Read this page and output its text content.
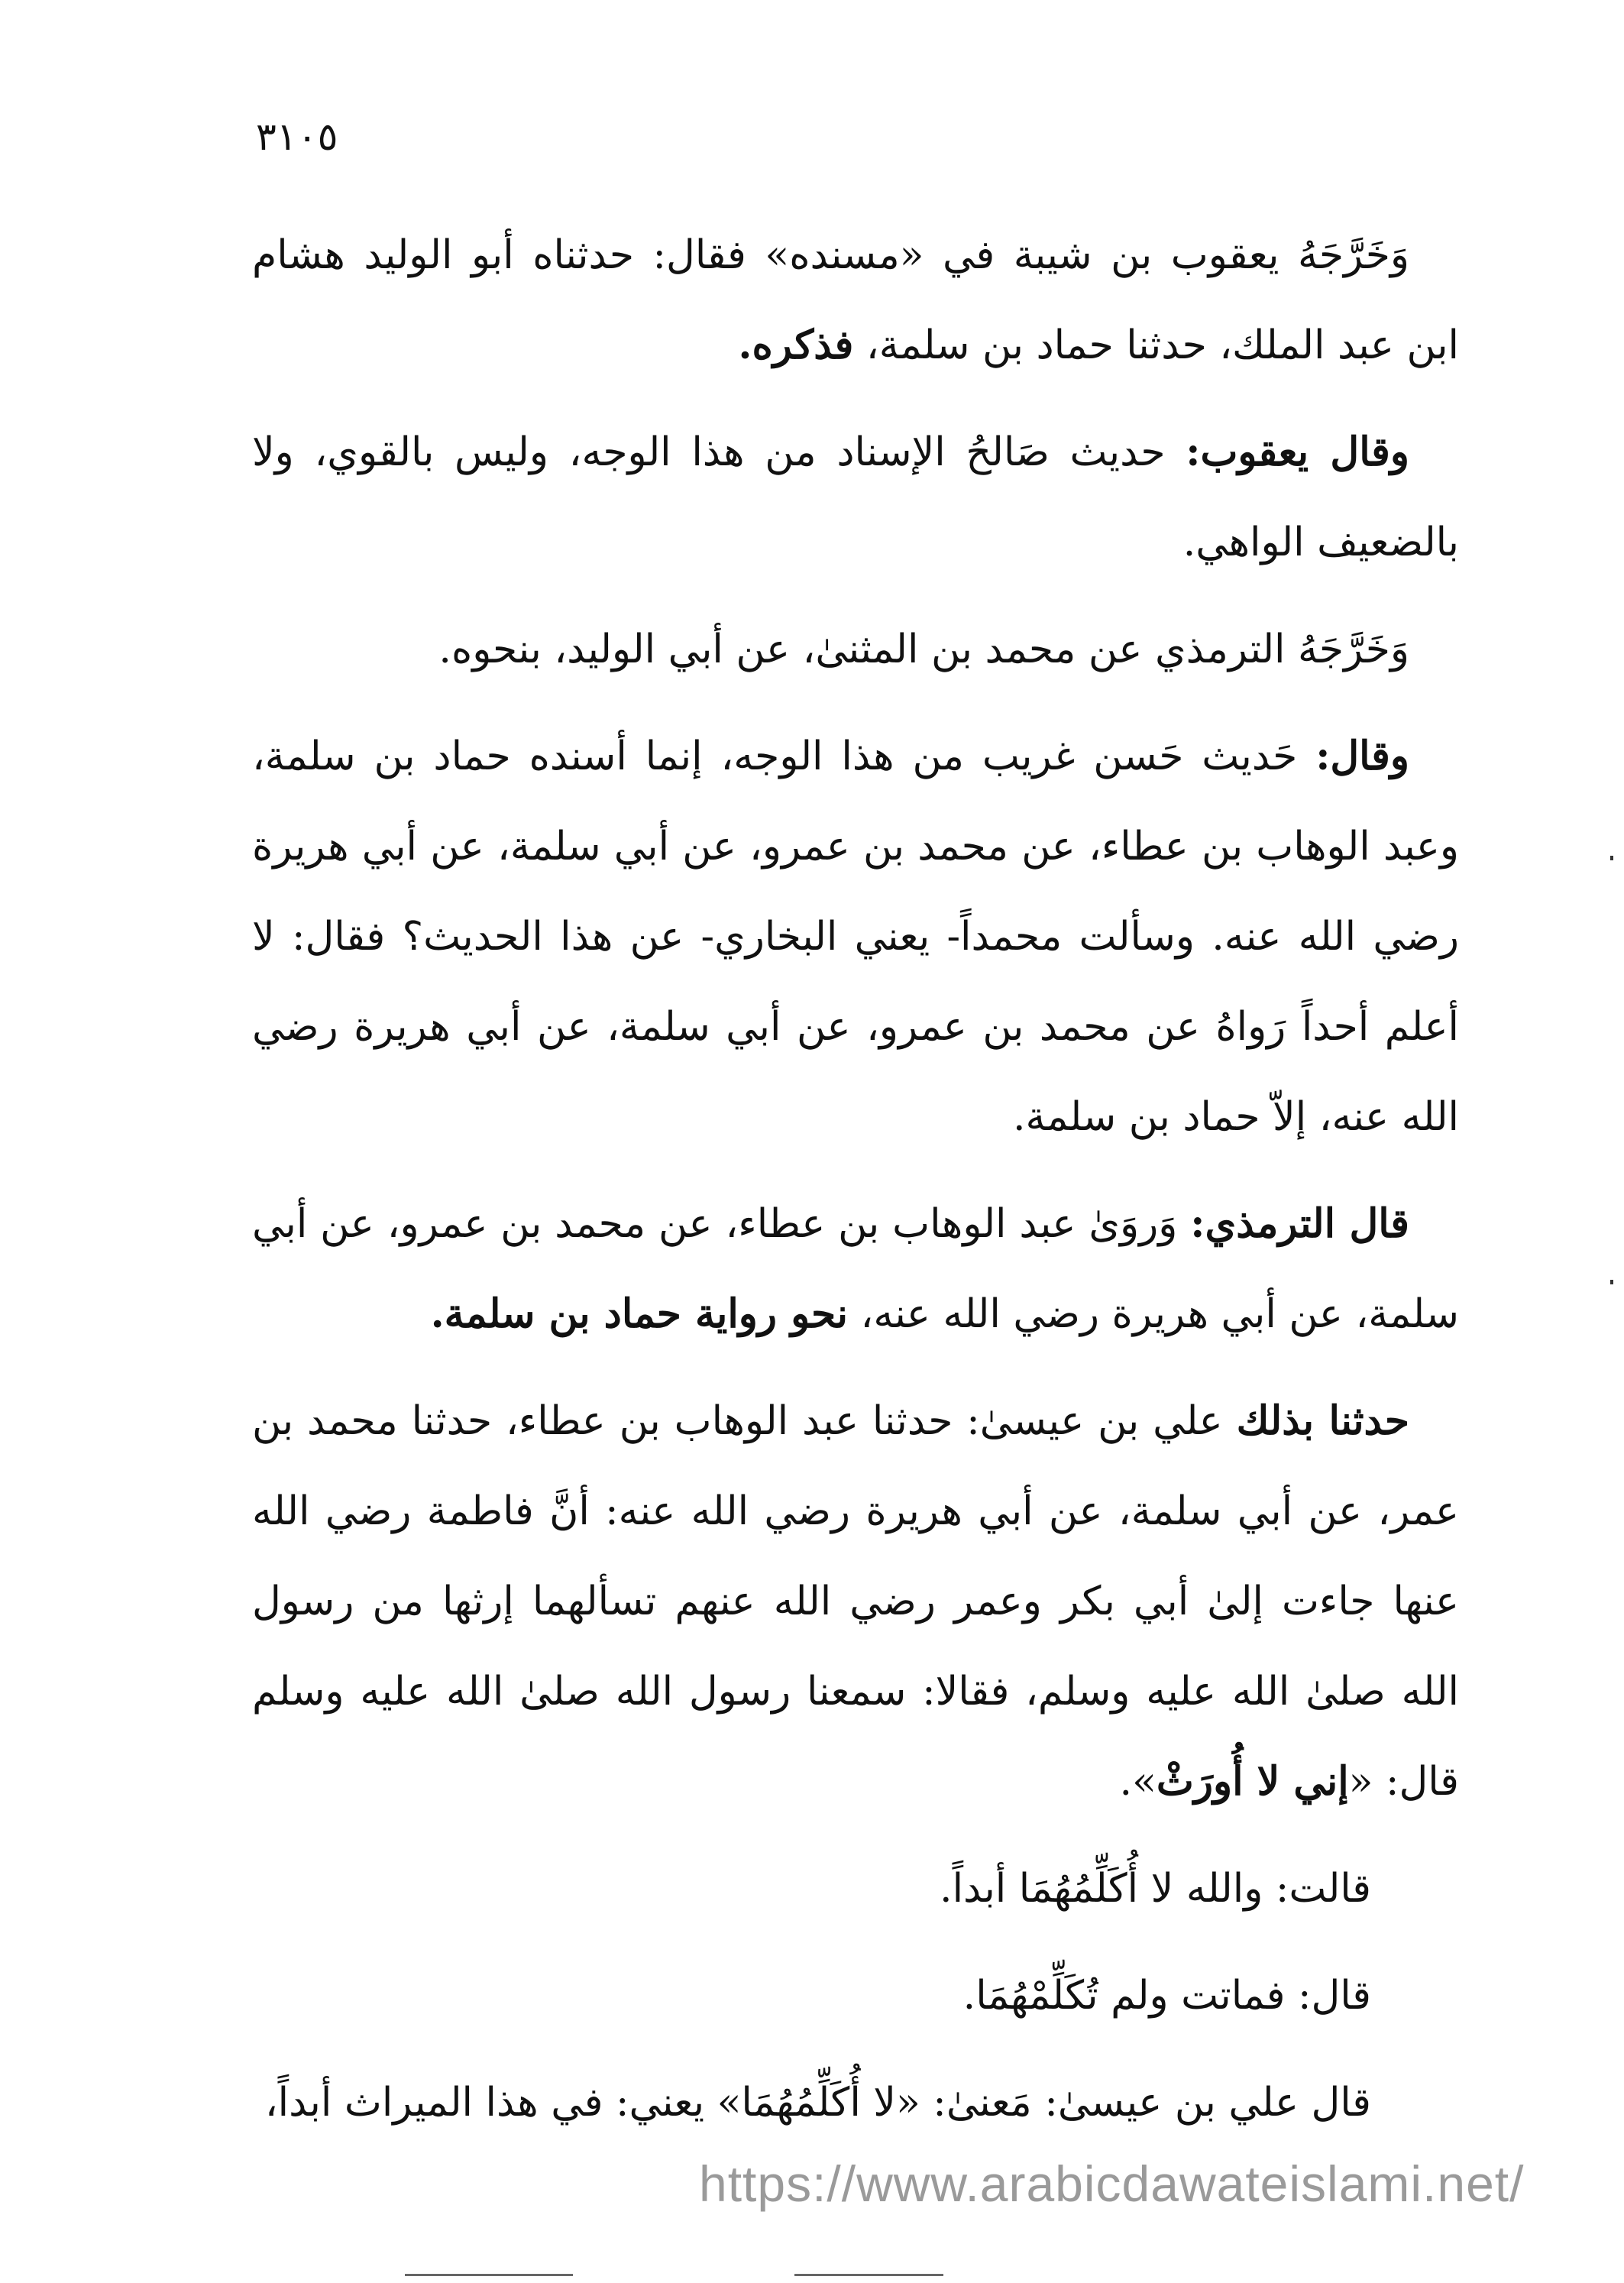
٣١٠٥

وَخَرَّجَهُ يعقوب بن شيبة في «مسنده» فقال: حدثناه أبو الوليد هشام ابن عبد الملك، حدثنا حماد بن سلمة، فذكره.

وقال يعقوب: حديث صَالحُ الإسناد من هذا الوجه، وليس بالقوي، ولا بالضعيف الواهي.

وَخَرَّجَهُ الترمذي عن محمد بن المثنىٰ، عن أبي الوليد، بنحوه.

وقال: حَديث حَسن غريب من هذا الوجه، إنما أسنده حماد بن سلمة، وعبد الوهاب بن عطاء، عن محمد بن عمرو، عن أبي سلمة، عن أبي هريرة رضي الله عنه. وسألت محمداً- يعني البخاري- عن هذا الحديث؟ فقال: لا أعلم أحداً رَواهُ عن محمد بن عمرو، عن أبي سلمة، عن أبي هريرة رضي الله عنه، إلاّ حماد بن سلمة.

قال الترمذي: وَروَىٰ عبد الوهاب بن عطاء، عن محمد بن عمرو، عن أبي سلمة، عن أبي هريرة رضي الله عنه، نحو رواية حماد بن سلمة.

حدثنا بذلك علي بن عيسىٰ: حدثنا عبد الوهاب بن عطاء، حدثنا محمد بن عمر، عن أبي سلمة، عن أبي هريرة رضي الله عنه: أنَّ فاطمة رضي الله عنها جاءت إلىٰ أبي بكر وعمر رضي الله عنهم تسألهما إرثها من رسول الله صلىٰ الله عليه وسلم، فقالا: سمعنا رسول الله صلىٰ الله عليه وسلم قال: «إني لا أُورَثْ».

قالت: والله لا أُكَلِّمُهُمَا أبداً.

قال: فماتت ولم تُكَلِّمْهُمَا.

قال علي بن عيسىٰ: مَعنىٰ: «لا أُكَلِّمُهُمَا» يعني: في هذا الميراث أبداً،

https://www.arabicdawateislami.net/
